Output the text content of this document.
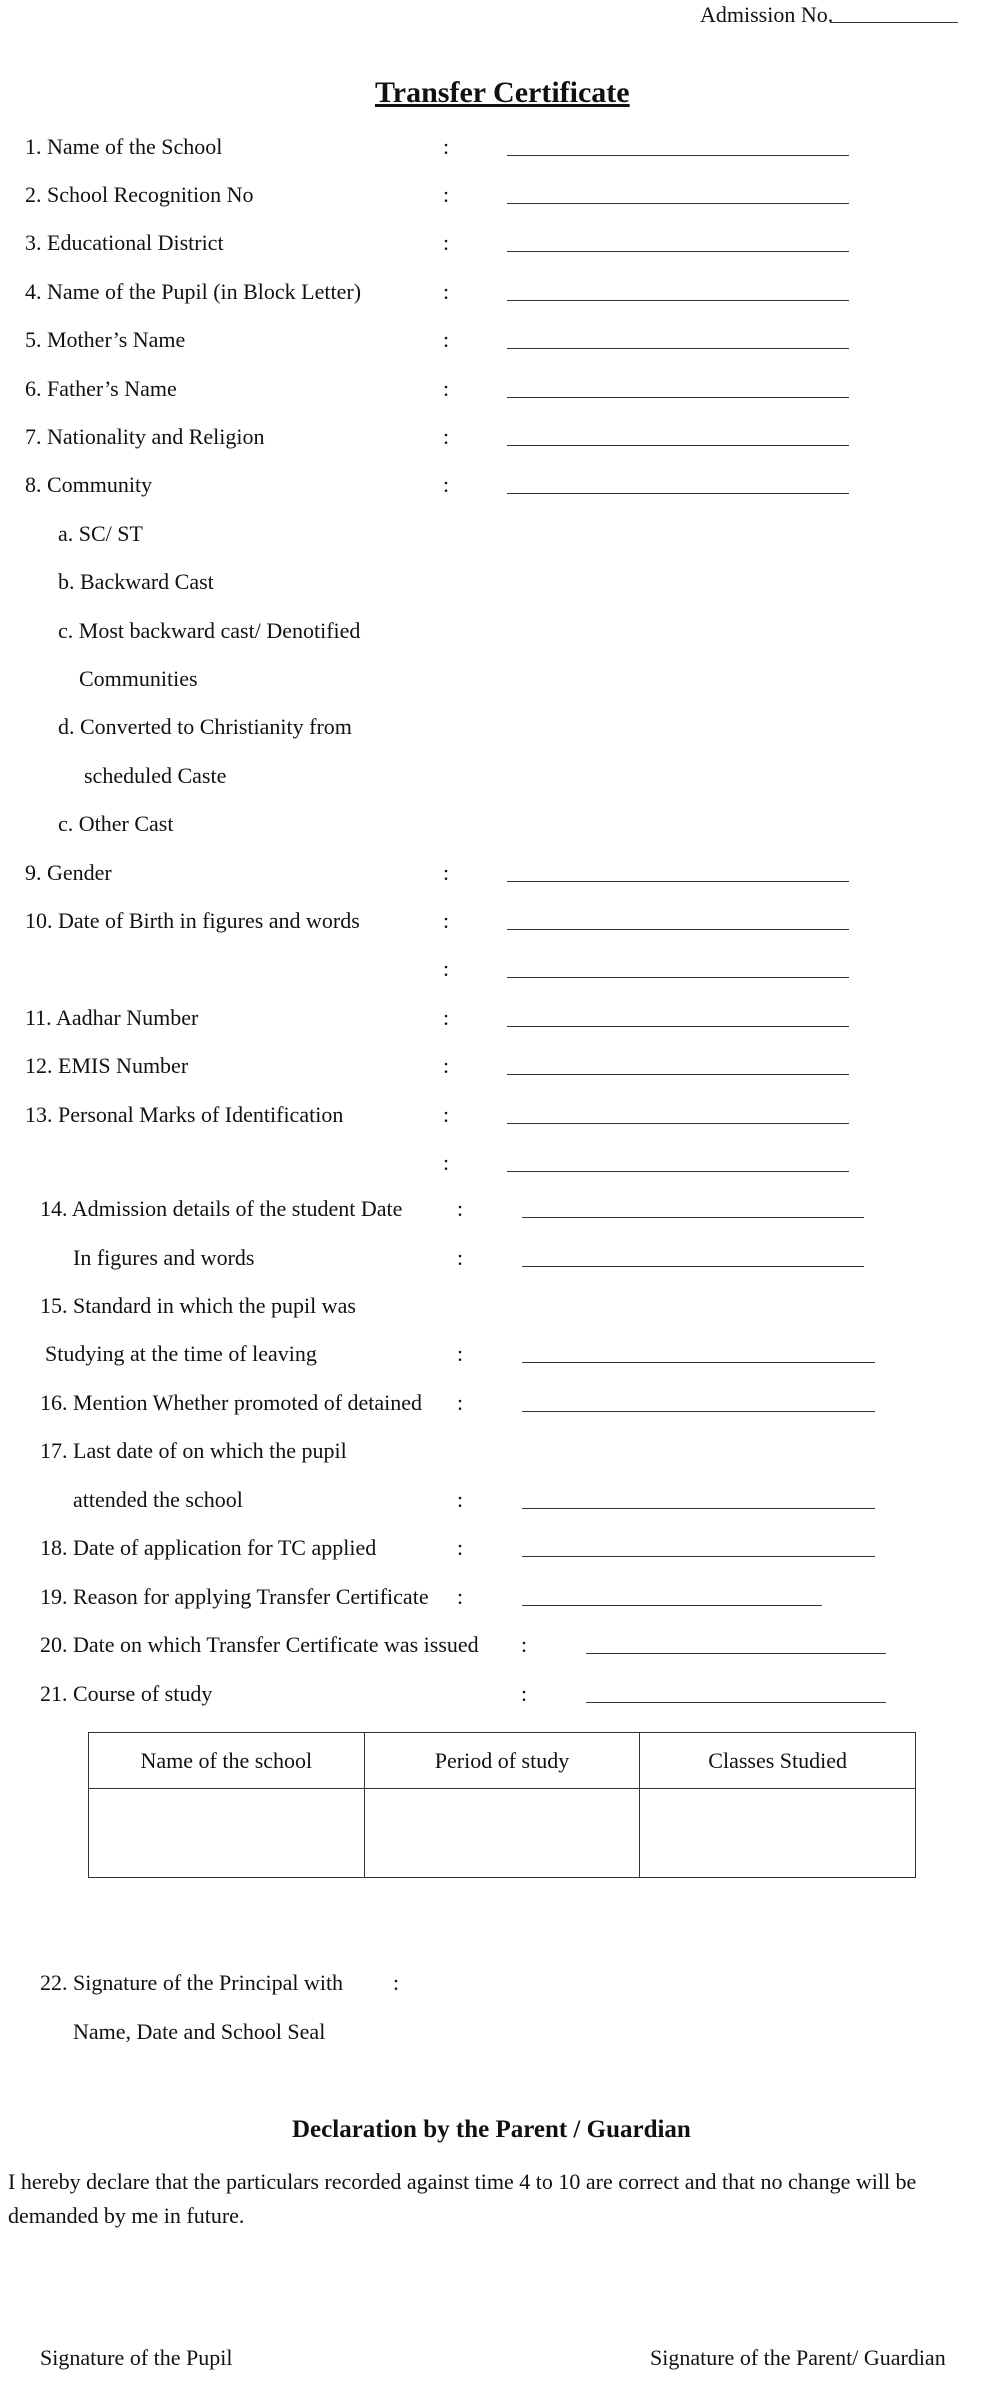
Admission No.
Transfer Certificate
1. Name of the School	:
2. School Recognition No	:
3. Educational District	:
4. Name of the Pupil (in Block Letter)	:
5. Mother’s Name	:
6. Father’s Name	:
7. Nationality and Religion	:
8. Community	:
a. SC/ ST
b. Backward Cast
c. Most backward cast/ Denotified
Communities
d. Converted to Christianity from
scheduled Caste
c. Other Cast
9. Gender	:
10. Date of Birth in figures and words	:
:
11. Aadhar Number	:
12. EMIS Number	:
13. Personal Marks of Identification	:
:
14. Admission details of the student Date :
In figures and words	:
15. Standard in which the pupil was
Studying at the time of leaving	:
16. Mention Whether promoted of detained :
17. Last date of on which the pupil
attended the school	:
18. Date of application for TC applied	:
19. Reason for applying Transfer Certificate :
20. Date on which Transfer Certificate was issued :
21. Course of study	:
Name of the school	Period of study	Classes Studied

22. Signature of the Principal with :
Name, Date and School Seal
Declaration by the Parent / Guardian
I hereby declare that the particulars recorded against time 4 to 10 are correct and that no change will be demanded by me in future.
Signature of the Pupil	Signature of the Parent/ Guardian
